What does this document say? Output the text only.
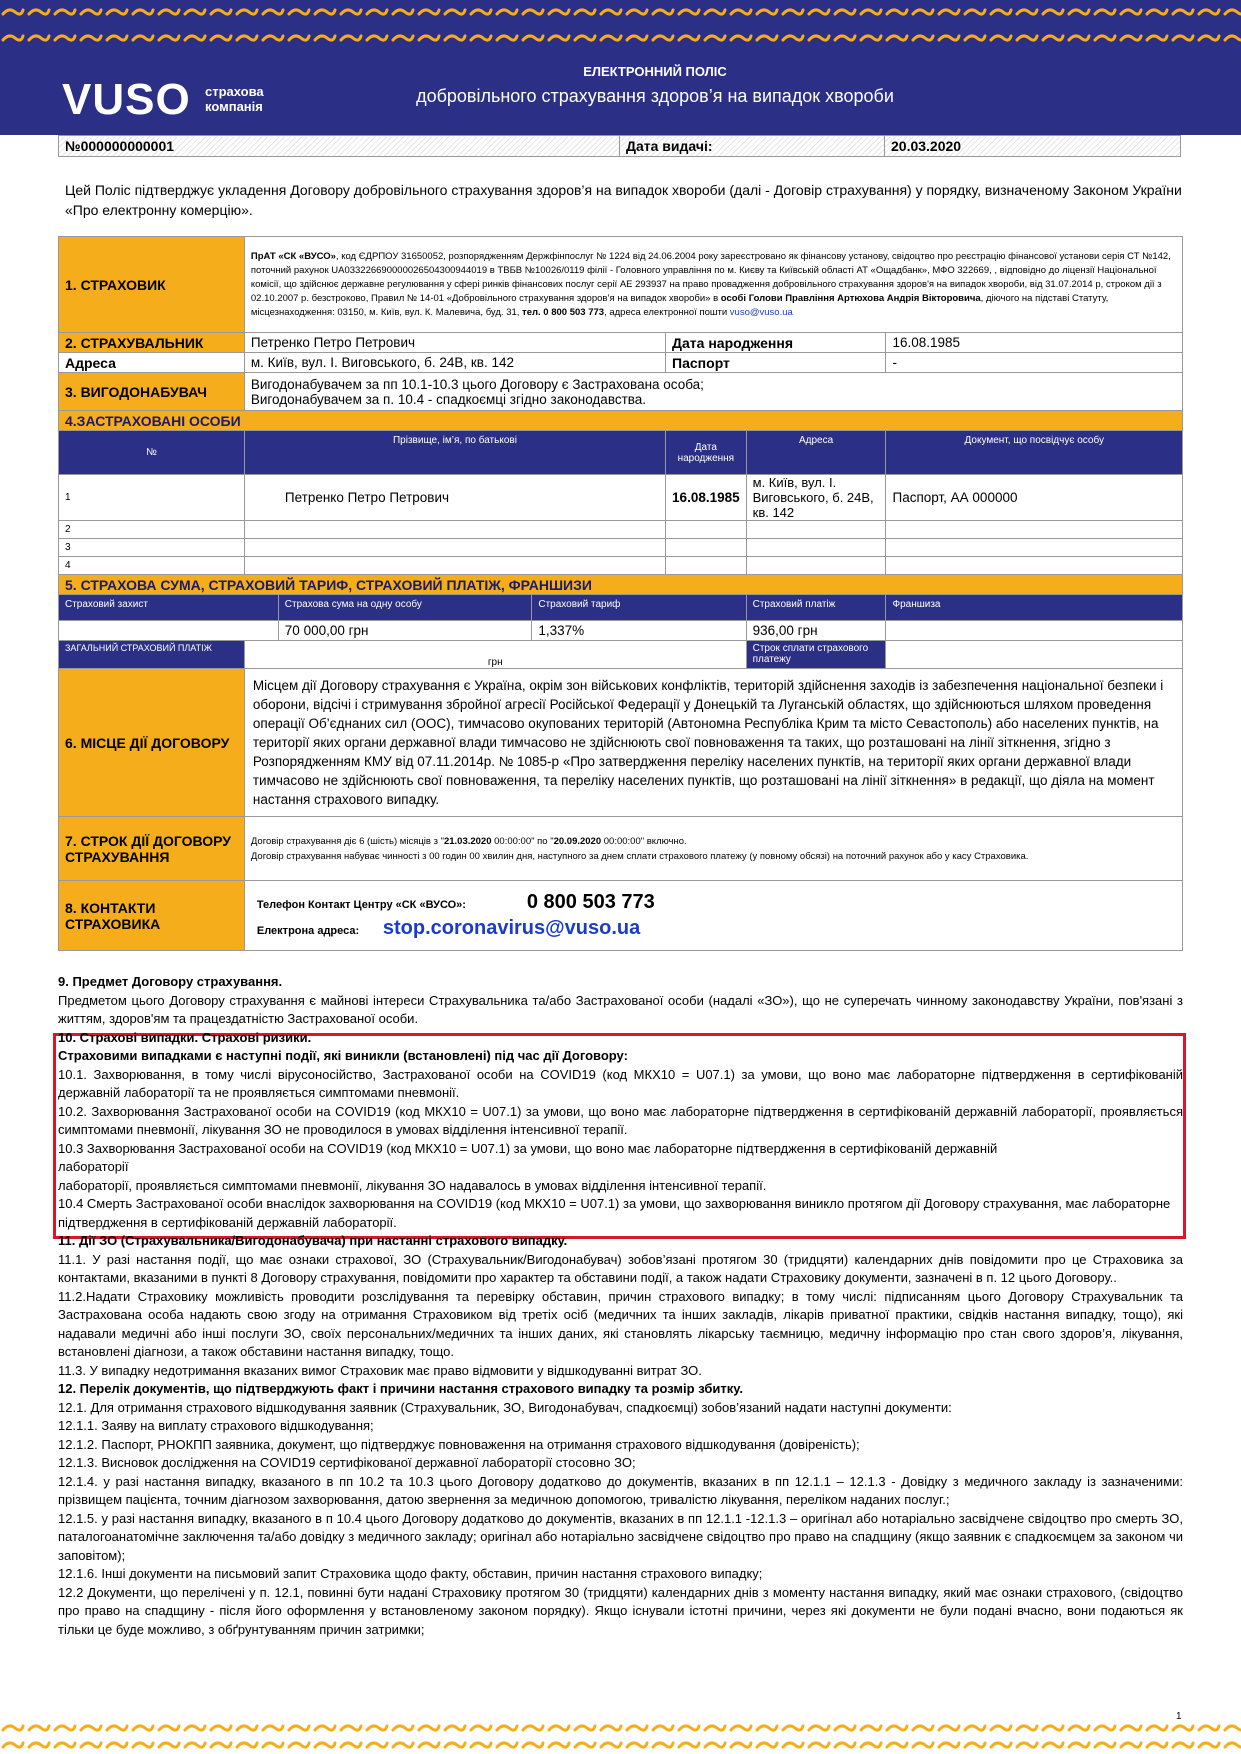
VUSO страхова компанія
ЕЛЕКТРОННИЙ ПОЛІС
добровільного страхування здоров’я на випадок хвороби
№000000000001	Дата видачі:	20.03.2020
Цей Поліс підтверджує укладення Договору добровільного страхування здоров’я на випадок хвороби (далі - Договір страхування) у порядку, визначеному Законом України «Про електронну комерцію».
1. СТРАХОВИК	ПрАТ «СК «ВУСО», код ЄДРПОУ 31650052, розпорядженням Держфінпослуг № 1224 від 24.06.2004 року зареєстровано як фінансову установу, свідоцтво про реєстрацію фінансової установи серія СТ №142, поточний рахунок UA033226690000026504300944019 в ТВБВ №10026/0119 філії - Головного управління по м. Києву та Київській області АТ «Ощадбанк», МФО 322669, , відповідно до ліцензії Національної комісії, що здійснює державне регулювання у сфері ринків фінансових послуг серії АЕ 293937 на право провадження добровільного страхування здоров'я на випадок хвороби, від 31.07.2014 р, строком дії з 02.10.2007 р. безстроково, Правил № 14-01 «Добровільного страхування здоров’я на випадок хвороби» в особі Голови Правління Артюхова Андрія Вікторовича, діючого на підставі Статуту, місцезнаходження: 03150, м. Київ, вул. К. Малевича, буд. 31, тел. 0 800 503 773, адреса електронної пошти vuso@vuso.ua					
2. СТРАХУВАЛЬНИК	Петренко Петро Петрович			Дата народження		16.08.1985
Адреса	м. Київ, вул. І. Виговського, б. 24В, кв. 142			Паспорт		-
3. ВИГОДОНАБУВАЧ	Вигодонабувачем за пп 10.1-10.3 цього Договору є Застрахована особа;
Вигодонабувачем за п. 10.4 - спадкоємці згідно законодавства.					

4.ЗАСТРАХОВАНІ ОСОБИ						
№	Прізвище, ім’я, по батькові			Дата народження	Адреса	Документ, що посвідчує особу
1	Петренко Петро Петрович			16.08.1985	м. Київ, вул. І. Виговського, б. 24В, кв. 142	Паспорт, АА 000000
2						
3						
4						
5. СТРАХОВА СУМА, СТРАХОВИЙ ТАРИФ, СТРАХОВИЙ ПЛАТІЖ, ФРАНШИЗИ						
Страховий захист		Страхова сума на одну особу	Страховий тариф		Страховий платіж	Франшиза
		70 000,00 грн	1,337%		936,00 грн	
ЗАГАЛЬНИЙ СТРАХОВИЙ ПЛАТІЖ	грн				Строк сплати страхового платежу	
6. МІСЦЕ ДІЇ ДОГОВОРУ	Місцем дії Договору страхування є Україна, окрім зон військових конфліктів, територій здійснення заходів із забезпечення національної безпеки і оборони, відсічі і стримування збройної агресії Російської Федерації у Донецькій та Луганській областях, що здійснюються шляхом проведення операції Об’єднаних сил (ООС), тимчасово окупованих територій (Автономна Республіка Крим та місто Севастополь) або населених пунктів, на території яких органи державної влади тимчасово не здійснюють свої повноваження та таких, що розташовані на лінії зіткнення, згідно з Розпорядженням КМУ від 07.11.2014р. № 1085-р «Про затвердження переліку населених пунктів, на території яких органи державної влади тимчасово не здійснюють свої повноваження, та переліку населених пунктів, що розташовані на лінії зіткнення» в редакції, що діяла на момент настання страхового випадку.					
7. СТРОК ДІЇ ДОГОВОРУ СТРАХУВАННЯ	Договір страхування діє 6 (шість) місяців з "21.03.2020 00:00:00" по "20.09.2020 00:00:00" включно.
Договір страхування набуває чинності з 00 годин 00 хвилин дня, наступного за днем сплати страхового платежу (у повному обсязі) на поточний рахунок або у касу Страховика.					

8. КОНТАКТИ СТРАХОВИКА	Телефон Контакт Центру «СК «ВУСО»: 0 800 503 773
Електрона адреса: stop.coronavirus@vuso.ua					

9. Предмет Договору страхування.

Предметом цього Договору страхування є майнові інтереси Страхувальника та/або Застрахованої особи (надалі «ЗО»), що не суперечать чинному законодавству України, пов'язані з життям, здоров'ям та працездатністю Застрахованої особи.

10. Страхові випадки. Страхові ризики.

Страховими випадками є наступні події, які виникли (встановлені) під час дії Договору:

10.1. Захворювання, в тому числі вірусоносійство, Застрахованої особи на COVID19 (код МКХ10 = U07.1) за умови, що воно має лабораторне підтвердження в сертифікованій державній лабораторії та не проявляється симптомами пневмонії.

10.2. Захворювання Застрахованої особи на COVID19 (код МКХ10 = U07.1) за умови, що воно має лабораторне підтвердження в сертифікованій державній лабораторії, проявляється симптомами пневмонії, лікування ЗО не проводилося в умовах відділення інтенсивної терапії.

10.3 Захворювання Застрахованої особи на COVID19 (код МКХ10 = U07.1) за умови, що воно має лабораторне підтвердження в сертифікованій державній

лабораторії

лабораторії, проявляється симптомами пневмонії, лікування ЗО надавалось в умовах відділення інтенсивної терапії.

10.4 Смерть Застрахованої особи внаслідок захворювання на COVID19 (код МКХ10 = U07.1) за умови, що захворювання виникло протягом дії Договору страхування, має лабораторне підтвердження в сертифікованій державній лабораторії.

11. Дії ЗО (Страхувальника/Вигодонабувача) при настанні страхового випадку.

11.1. У разі настання події, що має ознаки страхової, ЗО (Страхувальник/Вигодонабувач) зобов’язані протягом 30 (тридцяти) календарних днів повідомити про це Страховика за контактами, вказаними в пункті 8 Договору страхування, повідомити про характер та обставини події, а також надати Страховику документи, зазначені в п. 12 цього Договору..

11.2.Надати Страховику можливість проводити розслідування та перевірку обставин, причин страхового випадку; в тому числі: підписанням цього Договору Страхувальник та Застрахована особа надають свою згоду на отримання Страховиком від третіх осіб (медичних та інших закладів, лікарів приватної практики, свідків настання випадку, тощо), які надавали медичні або інші послуги ЗО, своїх персональних/медичних та інших даних, які становлять лікарську таємницю, медичну інформацію про стан свого здоров’я, лікування, встановлені діагнози, а також обставини настання випадку, тощо.

11.3. У випадку недотримання вказаних вимог Страховик має право відмовити у відшкодуванні витрат ЗО.

12. Перелік документів, що підтверджують факт і причини настання страхового випадку та розмір збитку.

12.1. Для отримання страхового відшкодування заявник (Страхувальник, ЗО, Вигодонабувач, спадкоємці) зобов’язаний надати наступні документи:

12.1.1. Заяву на виплату страхового відшкодування;

12.1.2. Паспорт, РНОКПП заявника, документ, що підтверджує повноваження на отримання страхового відшкодування (довіреність);

12.1.3. Висновок дослідження на COVID19 сертифікованої державної лабораторії стосовно ЗО;

12.1.4. у разі настання випадку, вказаного в пп 10.2 та 10.3 цього Договору додатково до документів, вказаних в пп 12.1.1 – 12.1.3 - Довідку з медичного закладу із зазначеними: прізвищем пацієнта, точним діагнозом захворювання, датою звернення за медичною допомогою, тривалістю лікування, переліком наданих послуг.;

12.1.5. у разі настання випадку, вказаного в п 10.4 цього Договору додатково до документів, вказаних в пп 12.1.1 -12.1.3 – оригінал або нотаріально засвідчене свідоцтво про смерть ЗО, паталогоанатомічне заключення та/або довідку з медичного закладу; оригінал або нотаріально засвідчене свідоцтво про право на спадщину (якщо заявник є спадкоємцем за законом чи заповітом);

12.1.6. Інші документи на письмовий запит Страховика щодо факту, обставин, причин настання страхового випадку;

12.2 Документи, що перелічені у п. 12.1, повинні бути надані Страховику протягом 30 (тридцяти) календарних днів з моменту настання випадку, який має ознаки страхового, (свідоцтво про право на спадщину - після його оформлення у встановленому законом порядку). Якщо існували істотні причини, через які документи не були подані вчасно, вони подаються як тільки це буде можливо, з обґрунтуванням причин затримки;

1
